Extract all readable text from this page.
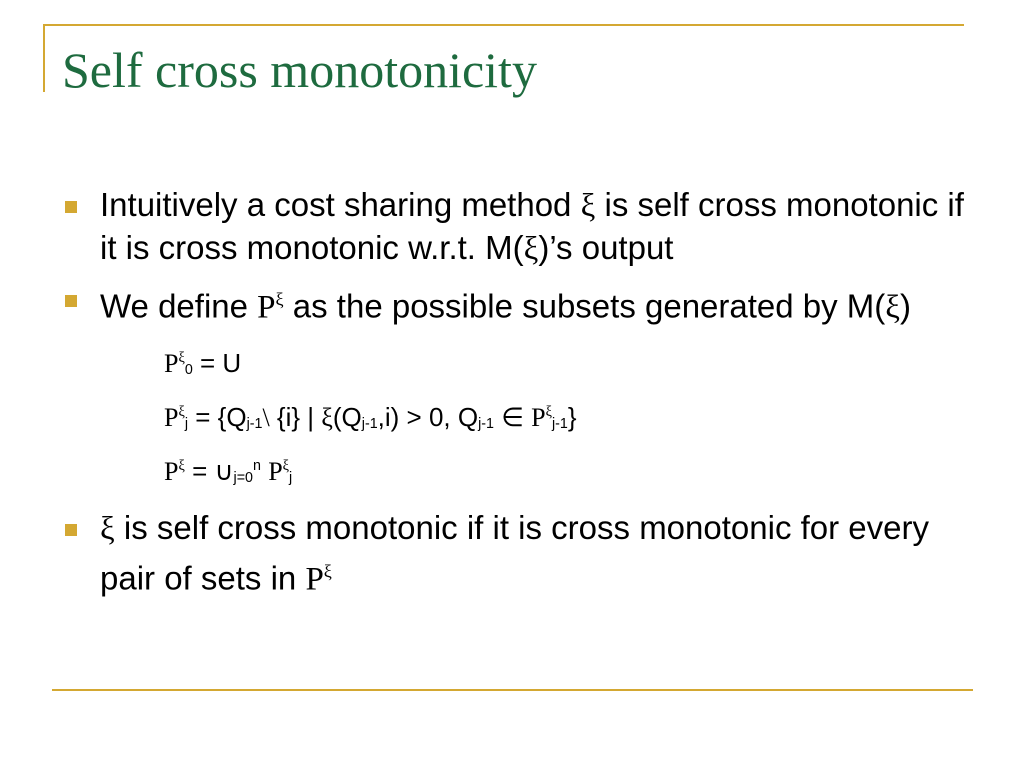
Self cross monotonicity
Intuitively a cost sharing method ξ is self cross monotonic if it is cross monotonic w.r.t. M(ξ)’s output
We define $P^\xi$ as the possible subsets generated by M(ξ)
$P^\xi_0 = U$
$P^\xi_j$ = {$Q_{j-1}\backslash$ {i} | $\xi(Q_{j-1},i) > 0$, $Q_{j-1}$ ∈ $P^\xi_{j-1}$}
$P^\xi$ = $\cup_{j=0}^n$ $P^\xi_j$
ξ is self cross monotonic if it is cross monotonic for every pair of sets in $P^\xi$
